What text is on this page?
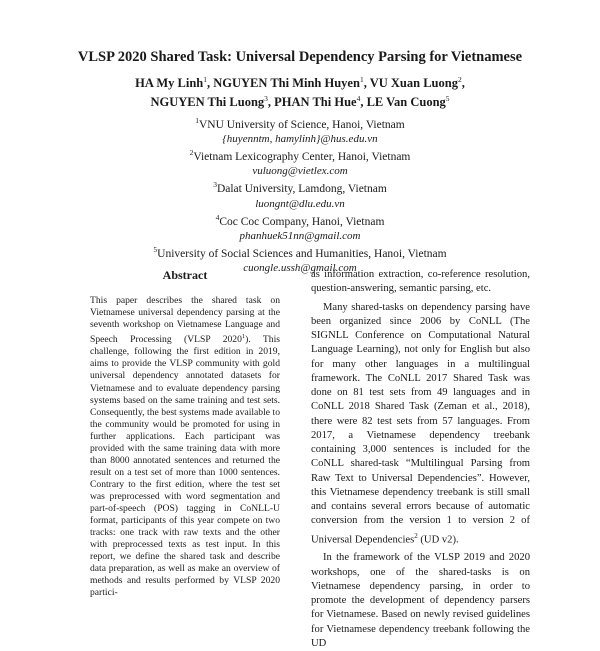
VLSP 2020 Shared Task: Universal Dependency Parsing for Vietnamese
HA My Linh$^1$, NGUYEN Thi Minh Huyen$^1$, VU Xuan Luong$^2$,
NGUYEN Thi Luong$^3$, PHAN Thi Hue$^4$, LE Van Cuong$^5$
$^1$VNU University of Science, Hanoi, Vietnam
{huyenntm, hamylinh}@hus.edu.vn
$^2$Vietnam Lexicography Center, Hanoi, Vietnam
vuluong@vietlex.com
$^3$Dalat University, Lamdong, Vietnam
luongnt@dlu.edu.vn
$^4$Coc Coc Company, Hanoi, Vietnam
phanhuek51nn@gmail.com
$^5$University of Social Sciences and Humanities, Hanoi, Vietnam
cuongle.ussh@gmail.com
Abstract

This paper describes the shared task on Vietnamese universal dependency parsing at the seventh workshop on Vietnamese Language and Speech Processing (VLSP 2020$^1$). This challenge, following the first edition in 2019, aims to provide the VLSP community with gold universal dependency annotated datasets for Vietnamese and to evaluate dependency parsing systems based on the same training and test sets. Consequently, the best systems made available to the community would be promoted for using in further applications. Each participant was provided with the same training data with more than 8000 annotated sentences and returned the result on a test set of more than 1000 sentences. Contrary to the first edition, where the test set was preprocessed with word segmentation and part-of-speech (POS) tagging in CoNLL-U format, participants of this year compete on two tracks: one track with raw texts and the other with preprocessed texts as test input. In this report, we define the shared task and describe data preparation, as well as make an overview of methods and results performed by VLSP 2020 partici-

as information extraction, co-reference resolution, question-answering, semantic parsing, etc.

Many shared-tasks on dependency parsing have been organized since 2006 by CoNLL (The SIGNLL Conference on Computational Natural Language Learning), not only for English but also for many other languages in a multilingual framework. The CoNLL 2017 Shared Task was done on 81 test sets from 49 languages and in CoNLL 2018 Shared Task (Zeman et al., 2018), there were 82 test sets from 57 languages. From 2017, a Vietnamese dependency treebank containing 3,000 sentences is included for the CoNLL shared-task “Multilingual Parsing from Raw Text to Universal Dependencies”. However, this Vietnamese dependency treebank is still small and contains several errors because of automatic conversion from the version 1 to version 2 of Universal Dependencies$^2$ (UD v2).

In the framework of the VLSP 2019 and 2020 workshops, one of the shared-tasks is on Vietnamese dependency parsing, in order to promote the development of dependency parsers for Vietnamese. Based on newly revised guidelines for Vietnamese dependency treebank following the UD
